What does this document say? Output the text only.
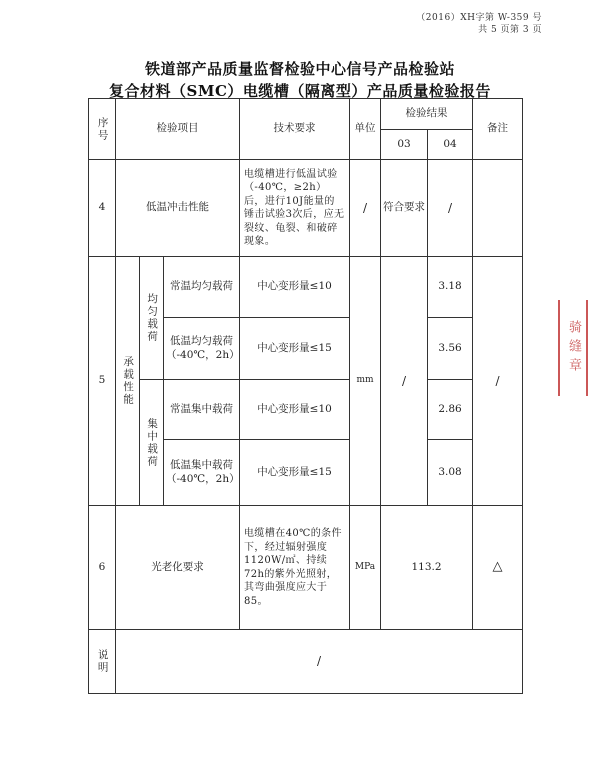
（2016）XH字第 W-359 号
共 5 页第 3 页
铁道部产品质量监督检验中心信号产品检验站
复合材料（SMC）电缆槽（隔离型）产品质量检验报告
序号	检验项目			技术要求	单位	检验结果		备注
						03	04	
4	低温冲击性能			电缆槽进行低温试验（-40℃，≥2h）后，进行10J能量的锤击试验3次后，应无裂纹、龟裂、和破碎现象。	/	符合要求	/	
5	承载性能	均匀载荷	常温均匀载荷	中心变形量≤10	mm	/	3.18	/
			低温均匀载荷（-40℃，2h）	中心变形量≤15			3.56	

		集中载荷	常温集中载荷	中心变形量≤10			2.86	
			低温集中载荷（-40℃，2h）	中心变形量≤15			3.08	
6	光老化要求			电缆槽在40℃的条件下，经过辐射强度1120W/㎡、持续72h的紫外光照射，其弯曲强度应大于85。	MPa	113.2		△

说明	/							
骑缝章
